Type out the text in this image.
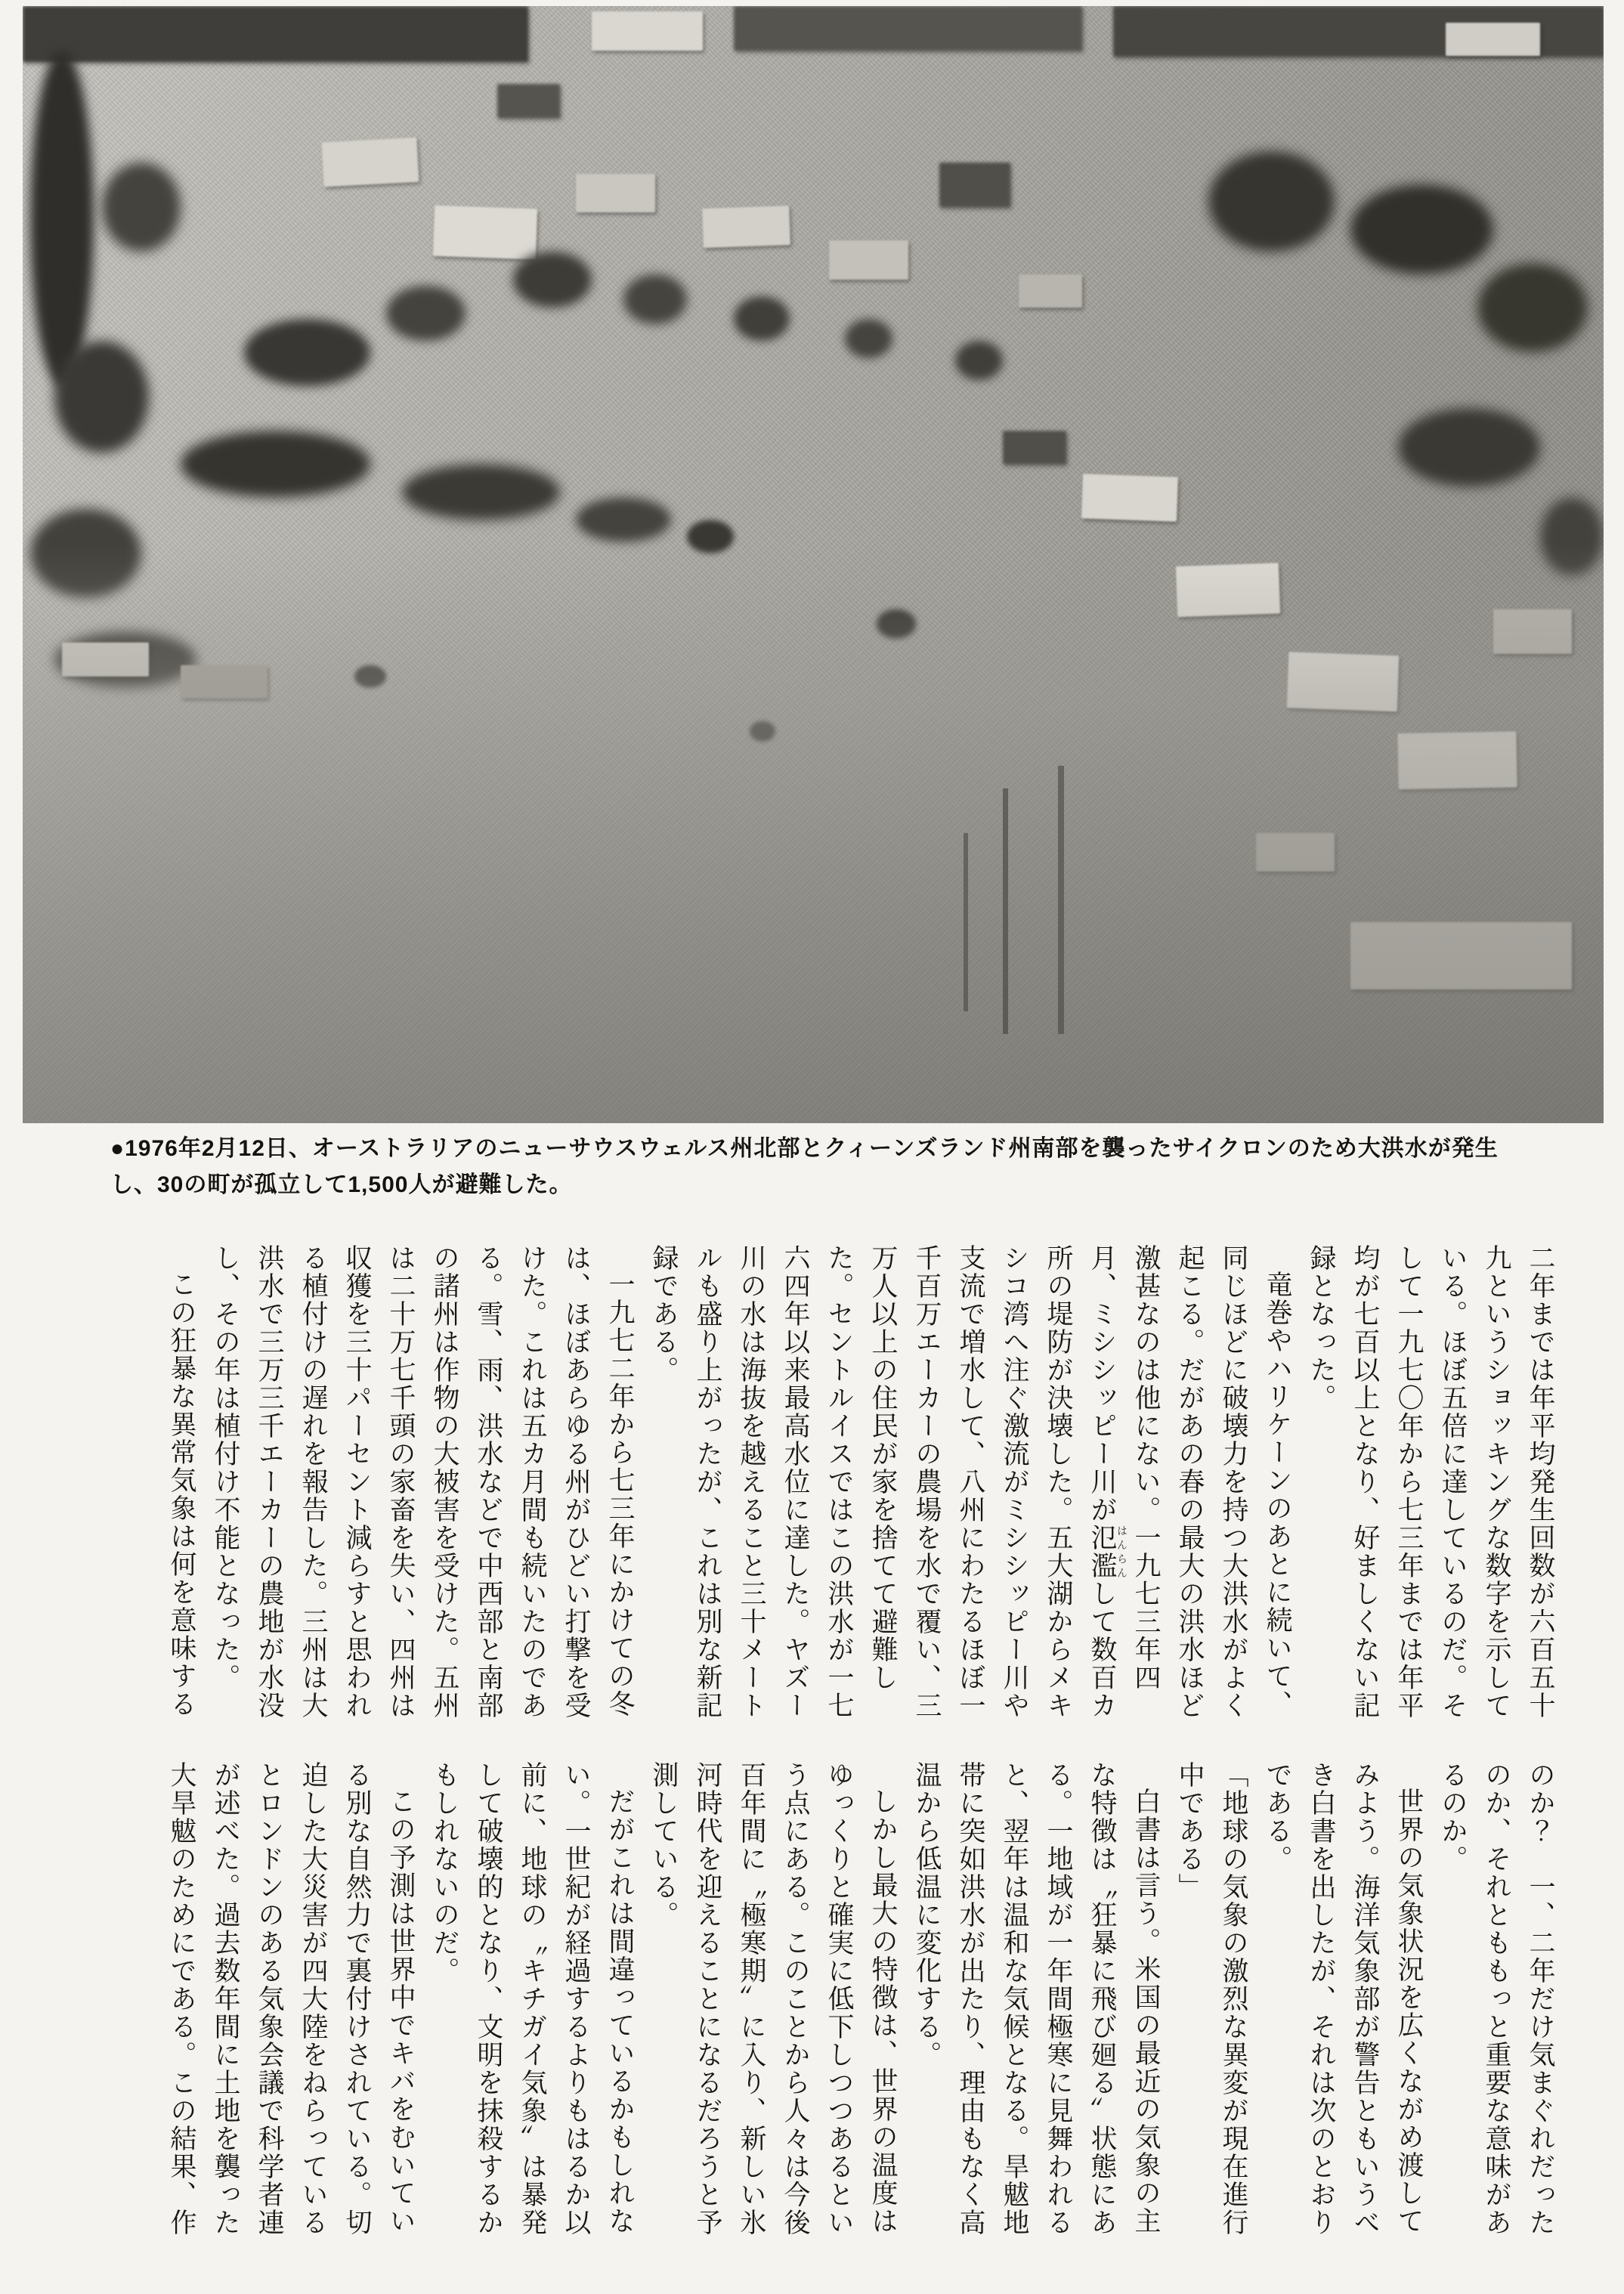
●1976年2月12日、オーストラリアのニューサウスウェルス州北部とクィーンズランド州南部を襲ったサイクロンのため大洪水が発生
し、30の町が孤立して1,500人が避難した。

二年までは年平均発生回数が六百五十九というショッキングな数字を示している。ほぼ五倍に達しているのだ。そして一九七〇年から七三年までは年平均が七百以上となり、好ましくない記録となった。

竜巻やハリケーンのあとに続いて、同じほどに破壊力を持つ大洪水がよく起こる。だがあの春の最大の洪水ほど激甚なのは他にない。一九七三年四月、ミシシッピー川が氾濫はんらんして数百カ所の堤防が決壊した。五大湖からメキシコ湾へ注ぐ激流がミシシッピー川や支流で増水して、八州にわたるほぼ一千百万エーカーの農場を水で覆い、三万人以上の住民が家を捨てて避難した。セントルイスではこの洪水が一七六四年以来最高水位に達した。ヤズー川の水は海抜を越えること三十メートルも盛り上がったが、これは別な新記録である。

一九七二年から七三年にかけての冬は、ほぼあらゆる州がひどい打撃を受けた。これは五カ月間も続いたのである。雪、雨、洪水などで中西部と南部の諸州は作物の大被害を受けた。五州は二十万七千頭の家畜を失い、四州は収獲を三十パーセント減らすと思われる植付けの遅れを報告した。三州は大洪水で三万三千エーカーの農地が水没し、その年は植付け不能となった。

この狂暴な異常気象は何を意味する

のか？　一、二年だけ気まぐれだったのか、それとももっと重要な意味があるのか。

世界の気象状況を広くながめ渡してみよう。海洋気象部が警告ともいうべき白書を出したが、それは次のとおりである。

「地球の気象の激烈な異変が現在進行中である」

白書は言う。米国の最近の気象の主な特徴は〝狂暴に飛び廻る〟状態にある。一地域が一年間極寒に見舞われると、翌年は温和な気候となる。旱魃地帯に突如洪水が出たり、理由もなく高温から低温に変化する。

しかし最大の特徴は、世界の温度はゆっくりと確実に低下しつつあるという点にある。このことから人々は今後百年間に〝極寒期〟に入り、新しい氷河時代を迎えることになるだろうと予測している。

だがこれは間違っているかもしれない。一世紀が経過するよりもはるか以前に、地球の〝キチガイ気象〟は暴発して破壊的となり、文明を抹殺するかもしれないのだ。

この予測は世界中でキバをむいている別な自然力で裏付けされている。切迫した大災害が四大陸をねらっているとロンドンのある気象会議で科学者連が述べた。過去数年間に土地を襲った大旱魃のためにである。この結果、作
